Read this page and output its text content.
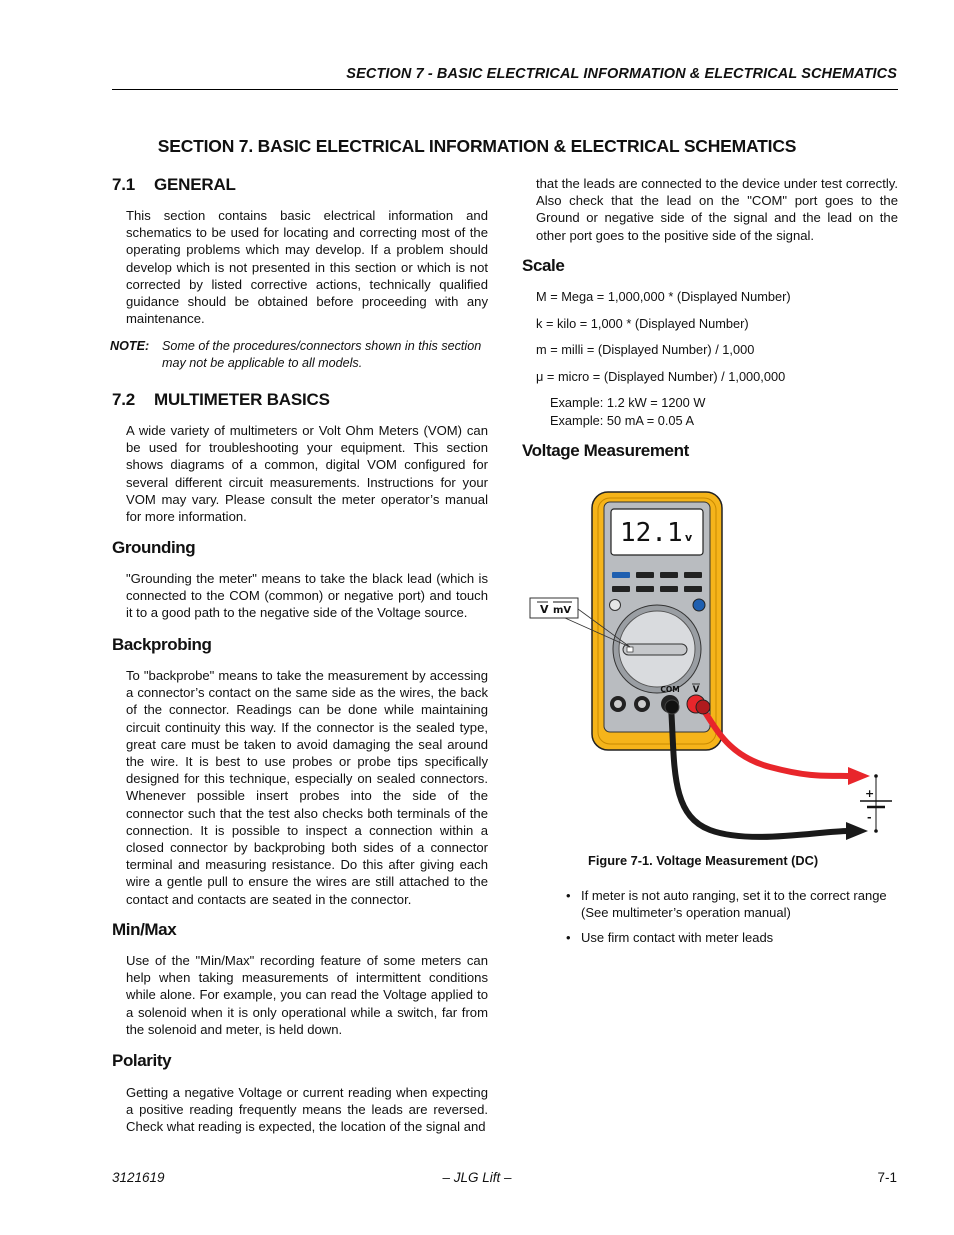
SECTION 7 - BASIC ELECTRICAL INFORMATION & ELECTRICAL SCHEMATICS
SECTION 7. BASIC ELECTRICAL INFORMATION & ELECTRICAL SCHEMATICS
7.1 GENERAL
This section contains basic electrical information and schematics to be used for locating and correcting most of the operating problems which may develop. If a problem should develop which is not presented in this section or which is not corrected by listed corrective actions, technically qualified guidance should be obtained before proceeding with any maintenance.
NOTE: Some of the procedures/connectors shown in this section may not be applicable to all models.
7.2 MULTIMETER BASICS
A wide variety of multimeters or Volt Ohm Meters (VOM) can be used for troubleshooting your equipment. This section shows diagrams of a common, digital VOM configured for several different circuit measurements. Instructions for your VOM may vary. Please consult the meter operator’s manual for more information.
Grounding
"Grounding the meter" means to take the black lead (which is connected to the COM (common) or negative port) and touch it to a good path to the negative side of the Voltage source.
Backprobing
To "backprobe" means to take the measurement by accessing a connector’s contact on the same side as the wires, the back of the connector. Readings can be done while maintaining circuit continuity this way. If the connector is the sealed type, great care must be taken to avoid damaging the seal around the wire. It is best to use probes or probe tips specifically designed for this technique, especially on sealed connectors. Whenever possible insert probes into the side of the connector such that the test also checks both terminals of the connection. It is possible to inspect a connection within a closed connector by backprobing both sides of a connector terminal and measuring resistance. Do this after giving each wire a gentle pull to ensure the wires are still attached to the contact and contacts are seated in the connector.
Min/Max
Use of the "Min/Max" recording feature of some meters can help when taking measurements of intermittent conditions while alone. For example, you can read the Voltage applied to a solenoid when it is only operational while a switch, far from the solenoid and meter, is held down.
Polarity
Getting a negative Voltage or current reading when expecting a positive reading frequently means the leads are reversed. Check what reading is expected, the location of the signal and
that the leads are connected to the device under test correctly. Also check that the lead on the "COM" port goes to the Ground or negative side of the signal and the lead on the other port goes to the positive side of the signal.
Scale
M = Mega = 1,000,000 * (Displayed Number)
k = kilo = 1,000 * (Displayed Number)
m = milli = (Displayed Number) / 1,000
μ = micro = (Displayed Number) / 1,000,000
Example: 1.2 kW = 1200 W
Example: 50 mA = 0.05 A
Voltage Measurement
12.1 v
COM V
V mV
+
-
Figure 7-1. Voltage Measurement (DC)
• If meter is not auto ranging, set it to the correct range (See multimeter’s operation manual)
• Use firm contact with meter leads
3121619	– JLG Lift –	7-1
